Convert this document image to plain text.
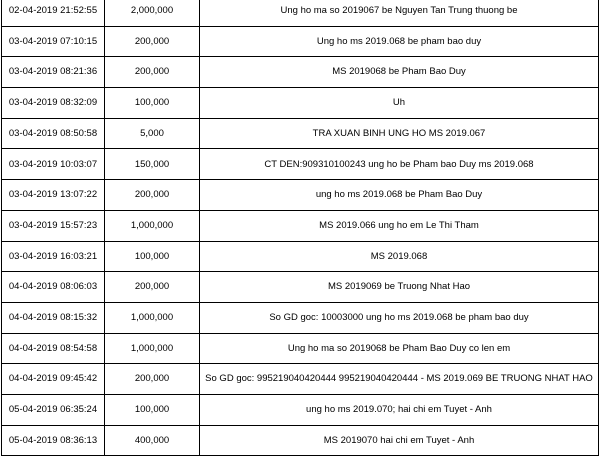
02-04-2019 21:52:55	2,000,000	Ung ho ma so 2019067 be Nguyen Tan Trung thuong be
03-04-2019 07:10:15	200,000	Ung ho ms 2019.068 be pham bao duy
03-04-2019 08:21:36	200,000	MS 2019068 be Pham Bao Duy
03-04-2019 08:32:09	100,000	Uh
03-04-2019 08:50:58	5,000	TRA XUAN BINH UNG HO MS 2019.067
03-04-2019 10:03:07	150,000	CT DEN:909310100243 ung ho be Pham bao Duy ms 2019.068
03-04-2019 13:07:22	200,000	ung ho ms 2019.068 be Pham Bao Duy
03-04-2019 15:57:23	1,000,000	MS 2019.066 ung ho em Le Thi Tham
03-04-2019 16:03:21	100,000	MS 2019.068
04-04-2019 08:06:03	200,000	MS 2019069 be Truong Nhat Hao
04-04-2019 08:15:32	1,000,000	So GD goc: 10003000 ung ho ms 2019.068 be pham bao duy
04-04-2019 08:54:58	1,000,000	Ung ho ma so 2019068 be Pham Bao Duy co len em
04-04-2019 09:45:42	200,000	So GD goc: 995219040420444 995219040420444 - MS 2019.069 BE TRUONG NHAT HAO
05-04-2019 06:35:24	100,000	ung ho ms 2019.070; hai chi em Tuyet - Anh
05-04-2019 08:36:13	400,000	MS 2019070 hai chi em Tuyet - Anh
